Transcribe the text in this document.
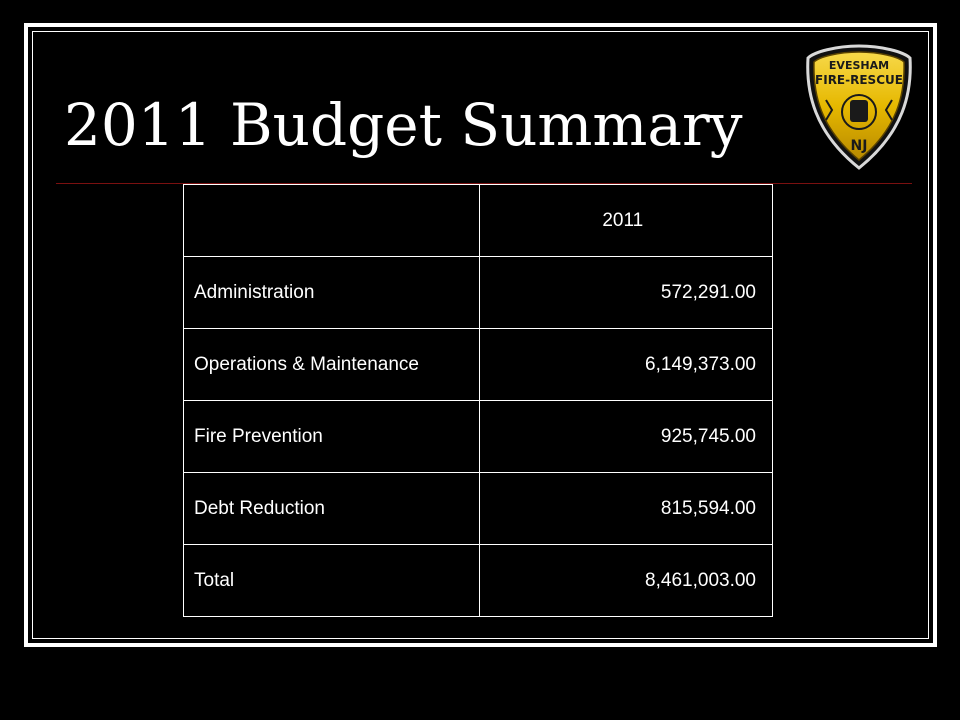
2011 Budget Summary
EVESHAM
FIRE-RESCUE
NJ
	2011
Administration	572,291.00
Operations & Maintenance	6,149,373.00
Fire Prevention	925,745.00
Debt Reduction	815,594.00
Total	8,461,003.00
